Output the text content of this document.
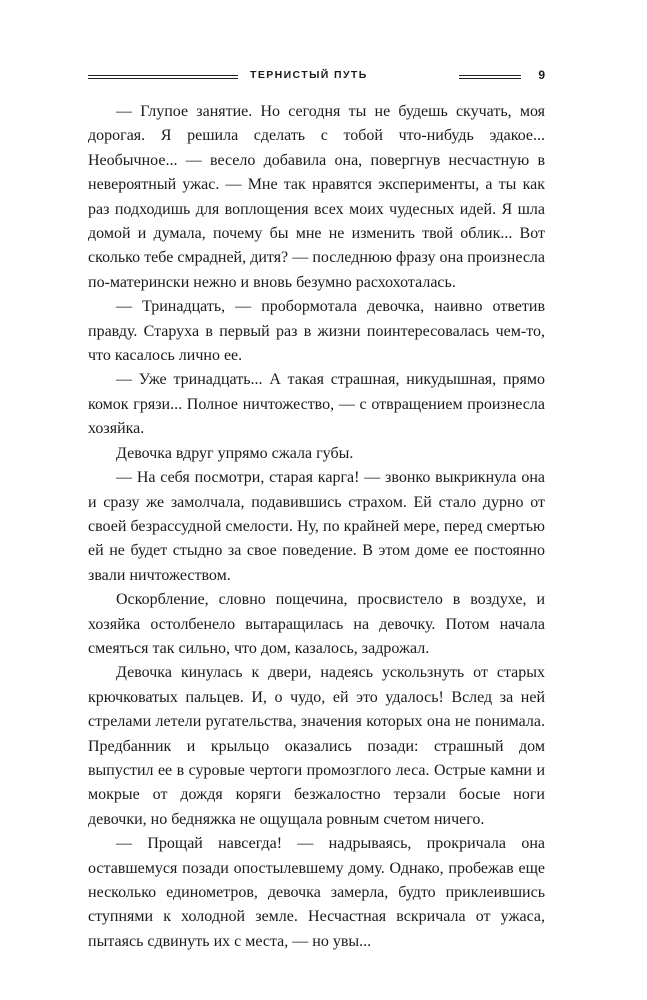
ТЕРНИСТЫЙ ПУТЬ	9

— Глупое занятие. Но сегодня ты не будешь скучать, моя дорогая. Я решила сделать с тобой что-нибудь эдакое... Необычное... — весело добавила она, повергнув несчастную в невероятный ужас. — Мне так нравятся эксперименты, а ты как раз подходишь для воплощения всех моих чудесных идей. Я шла домой и думала, почему бы мне не изменить твой облик... Вот сколько тебе смрадней, дитя? — последнюю фразу она произнесла по-матерински нежно и вновь безумно расхохоталась.

— Тринадцать, — пробормотала девочка, наивно ответив правду. Старуха в первый раз в жизни поинтересовалась чем-то, что касалось лично ее.

— Уже тринадцать... А такая страшная, никудышная, прямо комок грязи... Полное ничтожество, — с отвращением произнесла хозяйка.

Девочка вдруг упрямо сжала губы.

— На себя посмотри, старая карга! — звонко выкрикнула она и сразу же замолчала, подавившись страхом. Ей стало дурно от своей безрассудной смелости. Ну, по крайней мере, перед смертью ей не будет стыдно за свое поведение. В этом доме ее постоянно звали ничтожеством.

Оскорбление, словно пощечина, просвистело в воздухе, и хозяйка остолбенело вытаращилась на девочку. Потом начала смеяться так сильно, что дом, казалось, задрожал.

Девочка кинулась к двери, надеясь ускользнуть от старых крючковатых пальцев. И, о чудо, ей это удалось! Вслед за ней стрелами летели ругательства, значения которых она не понимала. Предбанник и крыльцо оказались позади: страшный дом выпустил ее в суровые чертоги промозглого леса. Острые камни и мокрые от дождя коряги безжалостно терзали босые ноги девочки, но бедняжка не ощущала ровным счетом ничего.

— Прощай навсегда! — надрываясь, прокричала она оставшемуся позади опостылевшему дому. Однако, пробежав еще несколько единометров, девочка замерла, будто приклеившись ступнями к холодной земле. Несчастная вскричала от ужаса, пытаясь сдвинуть их с места, — но увы...
